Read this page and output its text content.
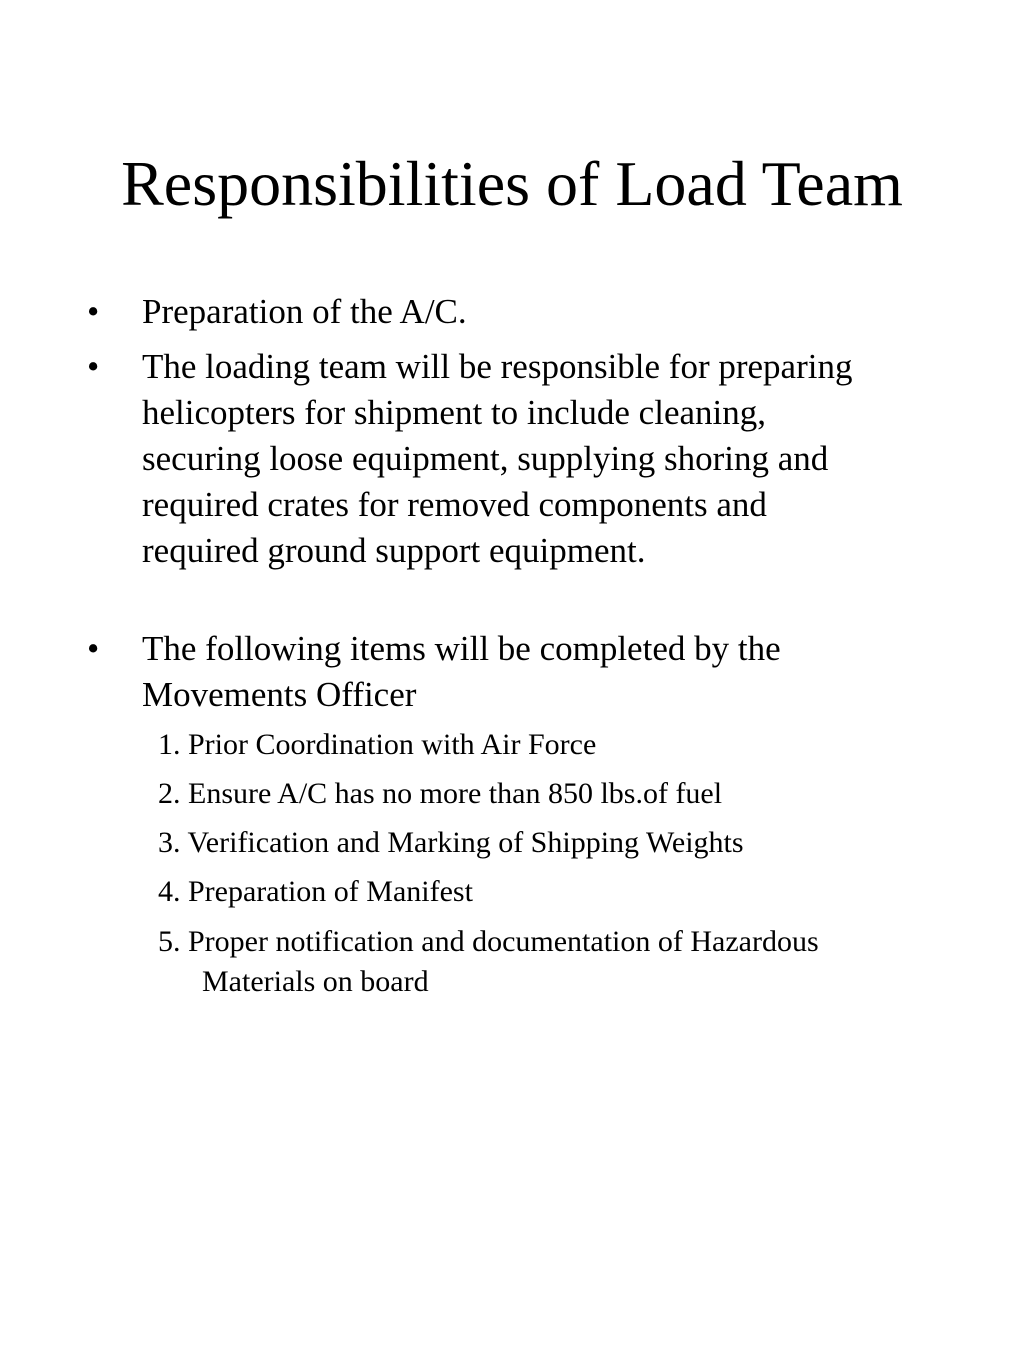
Responsibilities of Load Team
• Preparation of the A/C.
• The loading team will be responsible for preparing
helicopters for shipment to include cleaning,
securing loose equipment, supplying shoring and
required crates for removed components and
required ground support equipment.
• The following items will be completed by the
Movements Officer
1. Prior Coordination with Air Force
2. Ensure A/C has no more than 850 lbs.of fuel
3. Verification and Marking of Shipping Weights
4. Preparation of Manifest
5. Proper notification and documentation of Hazardous
Materials on board
